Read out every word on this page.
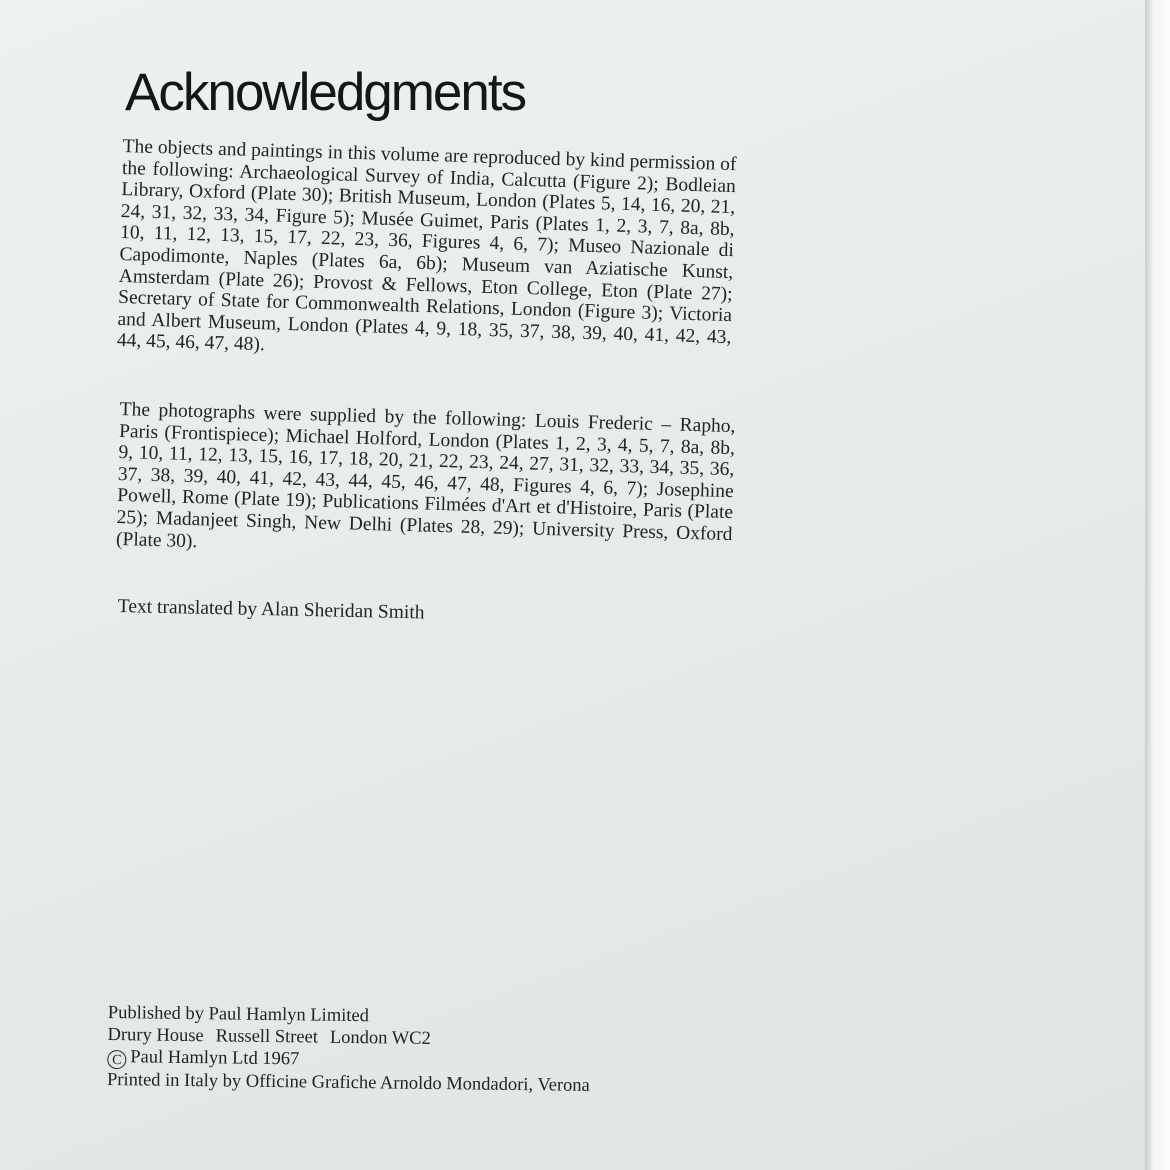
Acknowledgments

The objects and paintings in this volume are reproduced by kind permission of the following: Archaeological Survey of India, Calcutta (Figure 2); Bodleian Library, Oxford (Plate 30); British Museum, London (Plates 5, 14, 16, 20, 21, 24, 31, 32, 33, 34, Figure 5); Musée Guimet, Paris (Plates 1, 2, 3, 7, 8a, 8b, 10, 11, 12, 13, 15, 17, 22, 23, 36, Figures 4, 6, 7); Museo Nazionale di Capodimonte, Naples (Plates 6a, 6b); Museum van Aziatische Kunst, Amsterdam (Plate 26); Provost & Fellows, Eton College, Eton (Plate 27); Secretary of State for Commonwealth Relations, London (Figure 3); Victoria and Albert Museum, London (Plates 4, 9, 18, 35, 37, 38, 39, 40, 41, 42, 43, 44, 45, 46, 47, 48).

The photographs were supplied by the following: Louis Frederic – Rapho, Paris (Frontispiece); Michael Holford, London (Plates 1, 2, 3, 4, 5, 7, 8a, 8b, 9, 10, 11, 12, 13, 15, 16, 17, 18, 20, 21, 22, 23, 24, 27, 31, 32, 33, 34, 35, 36, 37, 38, 39, 40, 41, 42, 43, 44, 45, 46, 47, 48, Figures 4, 6, 7); Josephine Powell, Rome (Plate 19); Publications Filmées d'Art et d'Histoire, Paris (Plate 25); Madanjeet Singh, New Delhi (Plates 28, 29); University Press, Oxford (Plate 30).

Text translated by Alan Sheridan Smith

Published by Paul Hamlyn Limited
Drury House Russell Street London WC2
C Paul Hamlyn Ltd 1967
Printed in Italy by Officine Grafiche Arnoldo Mondadori, Verona
